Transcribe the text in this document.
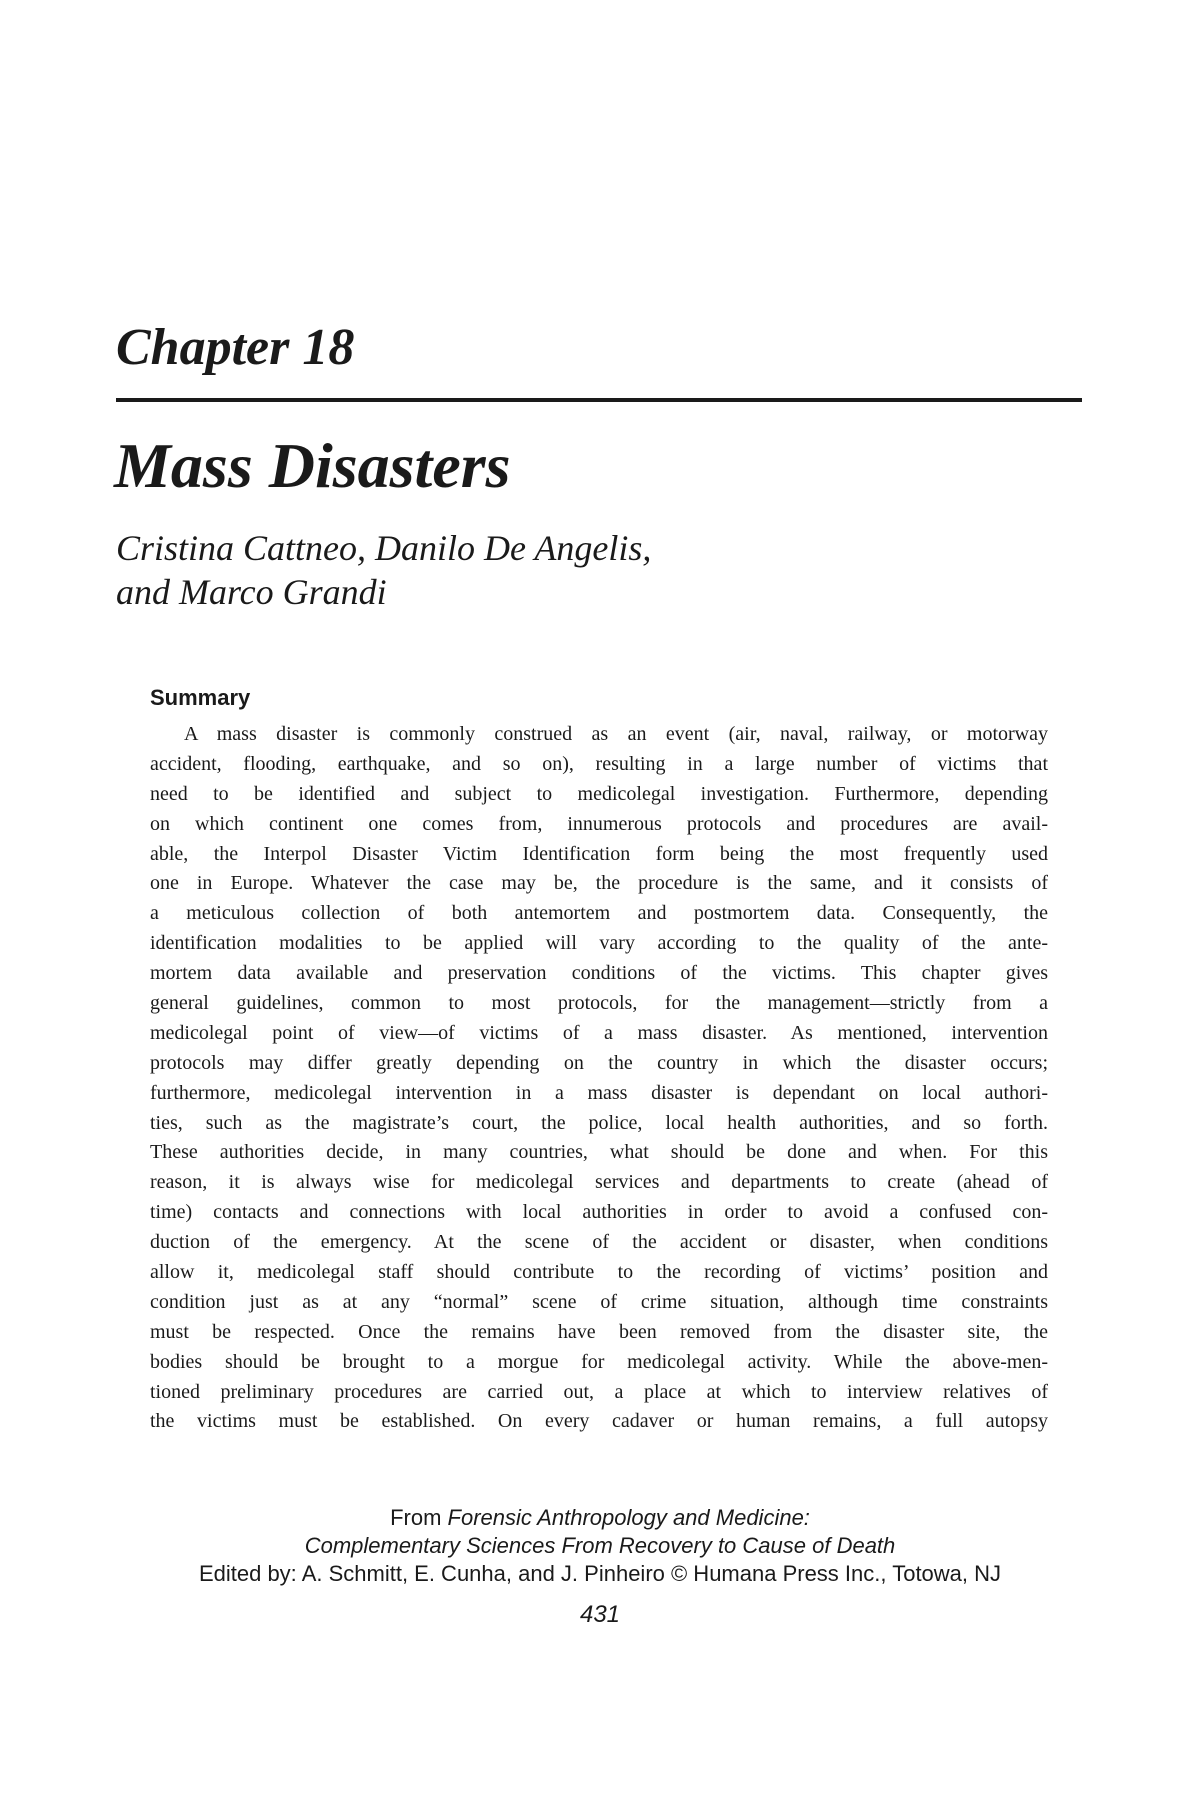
Chapter 18
Mass Disasters
Cristina Cattneo, Danilo De Angelis,
and Marco Grandi
Summary
A mass disaster is commonly construed as an event (air, naval, railway, or motorway
accident, flooding, earthquake, and so on), resulting in a large number of victims that
need to be identified and subject to medicolegal investigation. Furthermore, depending
on which continent one comes from, innumerous protocols and procedures are avail-
able, the Interpol Disaster Victim Identification form being the most frequently used
one in Europe. Whatever the case may be, the procedure is the same, and it consists of
a meticulous collection of both antemortem and postmortem data. Consequently, the
identification modalities to be applied will vary according to the quality of the ante-
mortem data available and preservation conditions of the victims. This chapter gives
general guidelines, common to most protocols, for the management—strictly from a
medicolegal point of view—of victims of a mass disaster. As mentioned, intervention
protocols may differ greatly depending on the country in which the disaster occurs;
furthermore, medicolegal intervention in a mass disaster is dependant on local authori-
ties, such as the magistrate’s court, the police, local health authorities, and so forth.
These authorities decide, in many countries, what should be done and when. For this
reason, it is always wise for medicolegal services and departments to create (ahead of
time) contacts and connections with local authorities in order to avoid a confused con-
duction of the emergency. At the scene of the accident or disaster, when conditions
allow it, medicolegal staff should contribute to the recording of victims’ position and
condition just as at any “normal” scene of crime situation, although time constraints
must be respected. Once the remains have been removed from the disaster site, the
bodies should be brought to a morgue for medicolegal activity. While the above-men-
tioned preliminary procedures are carried out, a place at which to interview relatives of
the victims must be established. On every cadaver or human remains, a full autopsy
From Forensic Anthropology and Medicine:
Complementary Sciences From Recovery to Cause of Death
Edited by: A. Schmitt, E. Cunha, and J. Pinheiro © Humana Press Inc., Totowa, NJ
431
